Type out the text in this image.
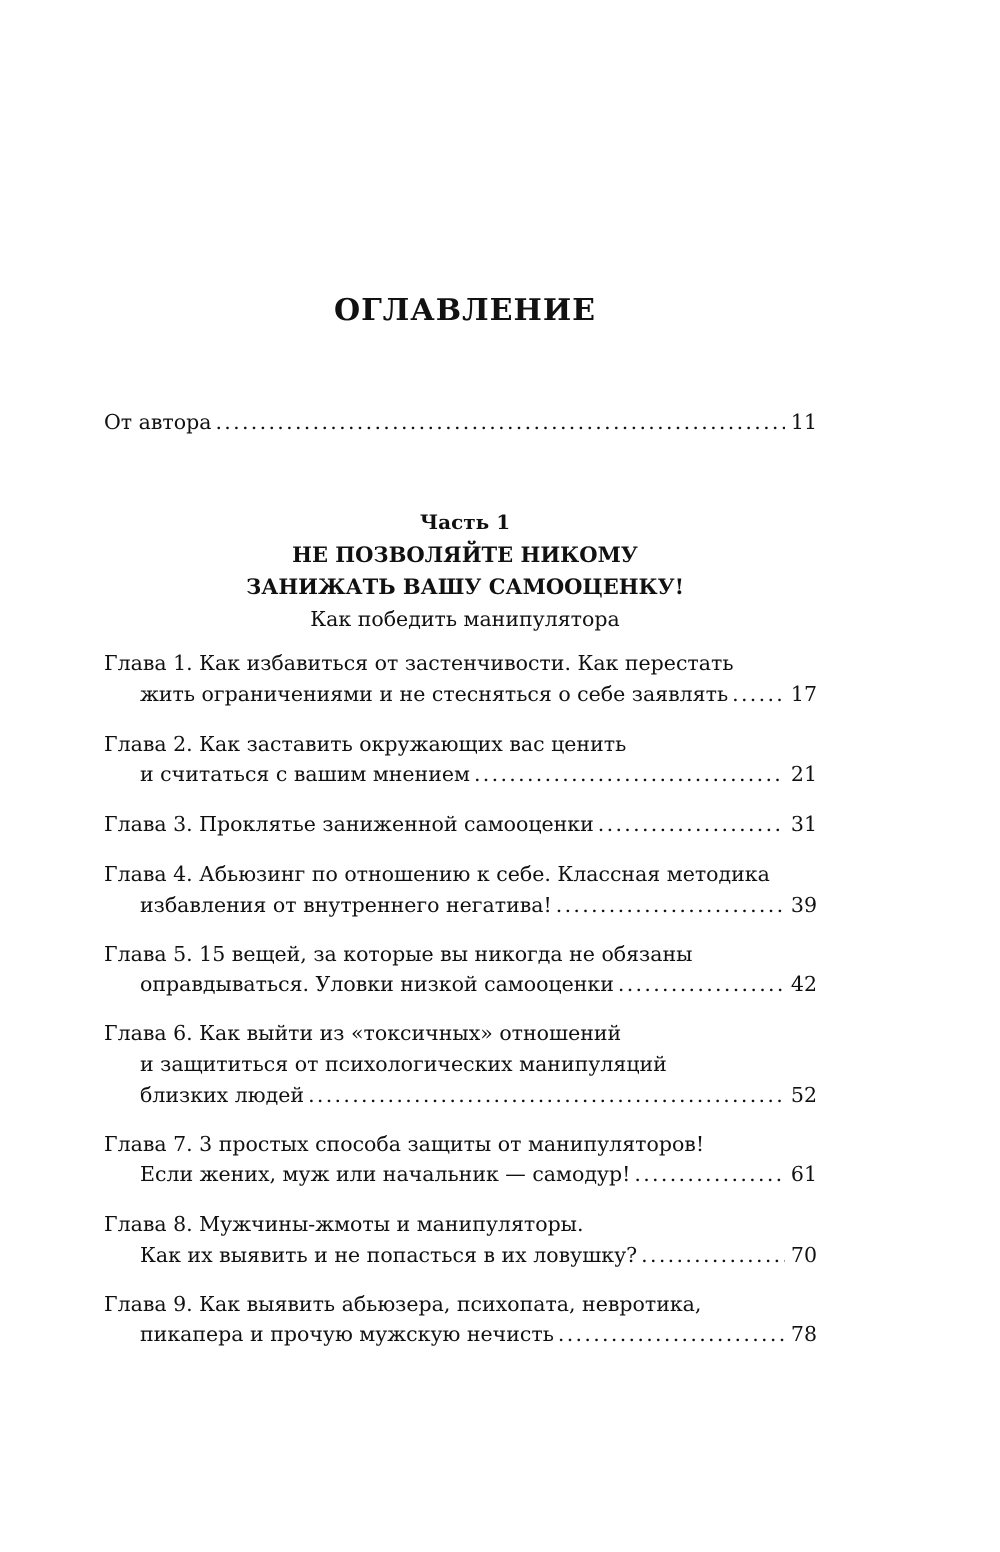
ОГЛАВЛЕНИЕ
От автора . . .	11
Часть 1
НЕ ПОЗВОЛЯЙТЕ НИКОМУ
ЗАНИЖАТЬ ВАШУ САМООЦЕНКУ!
Как победить манипулятора
Глава 1. Как избавиться от застенчивости. Как перестать
жить ограничениями и не стесняться о себе заявлять . . .	17
Глава 2. Как заставить окружающих вас ценить
и считаться с вашим мнением . . .	21
Глава 3. Проклятье заниженной самооценки . . .	31
Глава 4. Абьюзинг по отношению к себе. Классная методика
избавления от внутреннего негатива! . . .	39
Глава 5. 15 вещей, за которые вы никогда не обязаны
оправдываться. Уловки низкой самооценки . . .	42
Глава 6. Как выйти из «токсичных» отношений
и защититься от психологических манипуляций
близких людей . . .	52
Глава 7. 3 простых способа защиты от манипуляторов!
Если жених, муж или начальник — самодур! . . .	61
Глава 8. Мужчины-жмоты и манипуляторы.
Как их выявить и не попасться в их ловушку? . . .	70
Глава 9. Как выявить абьюзера, психопата, невротика,
пикапера и прочую мужскую нечисть . . .	78
